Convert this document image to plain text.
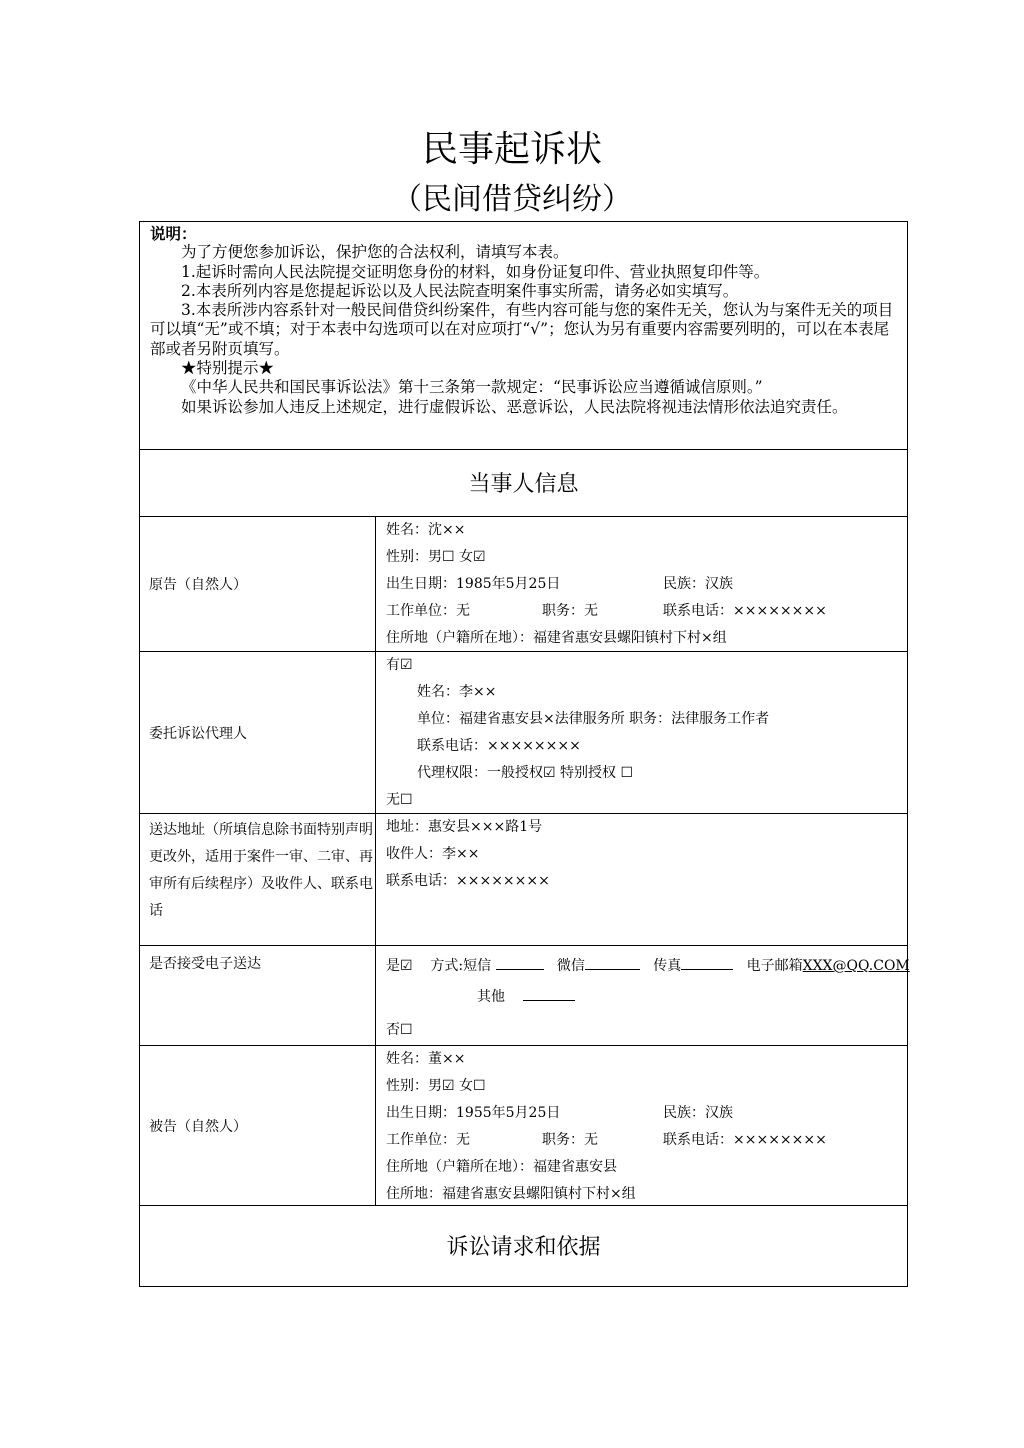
民事起诉状
（民间借贷纠纷）
说明：
为了方便您参加诉讼，保护您的合法权利，请填写本表。
1.起诉时需向人民法院提交证明您身份的材料，如身份证复印件、营业执照复印件等。
2.本表所列内容是您提起诉讼以及人民法院查明案件事实所需，请务必如实填写。
3.本表所涉内容系针对一般民间借贷纠纷案件，有些内容可能与您的案件无关，您认为与案件无关的项目可以填“无”或不填；对于本表中勾选项可以在对应项打“√”；您认为另有重要内容需要列明的，可以在本表尾部或者另附页填写。
★特别提示★
《中华人民共和国民事诉讼法》第十三条第一款规定：“民事诉讼应当遵循诚信原则。”
如果诉讼参加人违反上述规定，进行虚假诉讼、恶意诉讼，人民法院将视违法情形依法追究责任。
当事人信息
原告（自然人）
姓名：沈××
性别：男☐ 女☑
出生日期：1985年5月25日	民族：汉族
工作单位：无	职务：无	联系电话：××××××××
住所地（户籍所在地）：福建省惠安县螺阳镇村下村×组
委托诉讼代理人
有☑
姓名：李××
单位：福建省惠安县×法律服务所 职务：法律服务工作者
联系电话：××××××××
代理权限：一般授权☑ 特别授权 ☐
无☐
送达地址（所填信息除书面特别声明更改外，适用于案件一审、二审、再审所有后续程序）及收件人、联系电话
地址：惠安县×××路1号
收件人：李××
联系电话：××××××××
是否接受电子送达	是☑ 方式:短信	微信	传真	电子邮箱XXX@QQ.COM
其他
否☐
被告（自然人）
姓名：董××
性别：男☑ 女☐
出生日期：1955年5月25日	民族：汉族
工作单位：无	职务：无	联系电话：××××××××
住所地（户籍所在地）：福建省惠安县
住所地：福建省惠安县螺阳镇村下村×组
诉讼请求和依据
